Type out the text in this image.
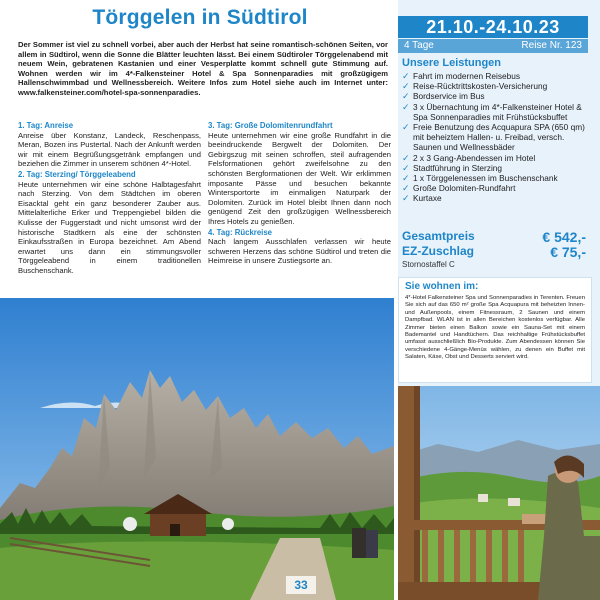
Törggelen in Südtirol
Der Sommer ist viel zu schnell vorbei, aber auch der Herbst hat seine romantisch-schönen Seiten, vor allem in Südtirol, wenn die Sonne die Blätter leuchten lässt. Bei einem Südtiroler Törggelenabend mit neuem Wein, gebratenen Kastanien und einer Vesperplatte kommt schnell gute Stimmung auf. Wohnen werden wir im 4*-Falkensteiner Hotel & Spa Sonnenparadies mit großzügigem Hallenschwimmbad und Wellnessbereich. Weitere Infos zum Hotel siehe auch im Internet unter: www.falkensteiner.com/hotel-spa-sonnenparadies.
1. Tag: Anreise

Anreise über Konstanz, Landeck, Reschenpass, Meran, Bozen ins Pustertal. Nach der Ankunft werden wir mit einem Begrüßungsgetränk empfangen und beziehen die Zimmer in unserem schönen 4*-Hotel.

2. Tag: Sterzing/ Törggeleabend

Heute unternehmen wir eine schöne Halbtagesfahrt nach Sterzing. Von dem Städtchen im oberen Eisacktal geht ein ganz besonderer Zauber aus. Mittelalterliche Erker und Treppengiebel bilden die Kulisse der Fuggerstadt und nicht umsonst wird der historische Stadtkern als eine der schönsten Einkaufsstraßen in Europa bezeichnet. Am Abend erwartet uns dann ein stimmungsvoller Törggeleabend in einem traditionellen Buschenschank.

3. Tag: Große Dolomitenrundfahrt

Heute unternehmen wir eine große Rundfahrt in die beeindruckende Bergwelt der Dolomiten. Der Gebirgszug mit seinen schroffen, steil aufragenden Felsformationen gehört zweifelsohne zu den schönsten Bergformationen der Welt. Wir erklimmen imposante Pässe und besuchen bekannte Wintersportorte im einmaligen Naturpark der Dolomiten. Zurück im Hotel bleibt Ihnen dann noch genügend Zeit den großzügigen Wellnessbereich Ihres Hotels zu genießen.

4. Tag: Rückreise

Nach langem Ausschlafen verlassen wir heute schweren Herzens das schöne Südtirol und treten die Heimreise in unsere Zustiegsorte an.

33
21.10.-24.10.23
4 Tage	Reise Nr. 123
Unsere Leistungen
✓ Fahrt im modernen Reisebus
✓ Reise-Rücktrittskosten-Versicherung
✓ Bordservice im Bus
✓ 3 x Übernachtung im 4*-Falkensteiner Hotel & Spa Sonnenparadies mit Frühstücksbuffet
✓ Freie Benutzung des Acquapura SPA (650 qm) mit beheiztem Hallen- u. Freibad, versch. Saunen und Wellnessbäder
✓ 2 x 3 Gang-Abendessen im Hotel
✓ Stadtführung in Sterzing
✓ 1 x Törggelenessen im Buschenschank
✓ Große Dolomiten-Rundfahrt
✓ Kurtaxe
Gesamtpreis	€ 542,-
EZ-Zuschlag	€ 75,-
Stornostaffel C
Sie wohnen im:
4*-Hotel Falkensteiner Spa und Sonnenparadies in Terenten. Freuen Sie sich auf das 650 m² große Spa Acquapura mit beheizten Innen- und Außenpools, einem Fitnessraum, 2 Saunen und einem Dampfbad. WLAN ist in allen Bereichen kostenlos verfügbar. Alle Zimmer bieten einen Balkon sowie ein Sauna-Set mit einem Bademantel und Handtüchern. Das reichhaltige Frühstücksbuffet umfasst ausschließlich Bio-Produkte. Zum Abendessen können Sie verschiedene 4-Gänge-Menüs wählen, zu denen ein Buffet mit Salaten, Käse, Obst und Desserts serviert wird.
